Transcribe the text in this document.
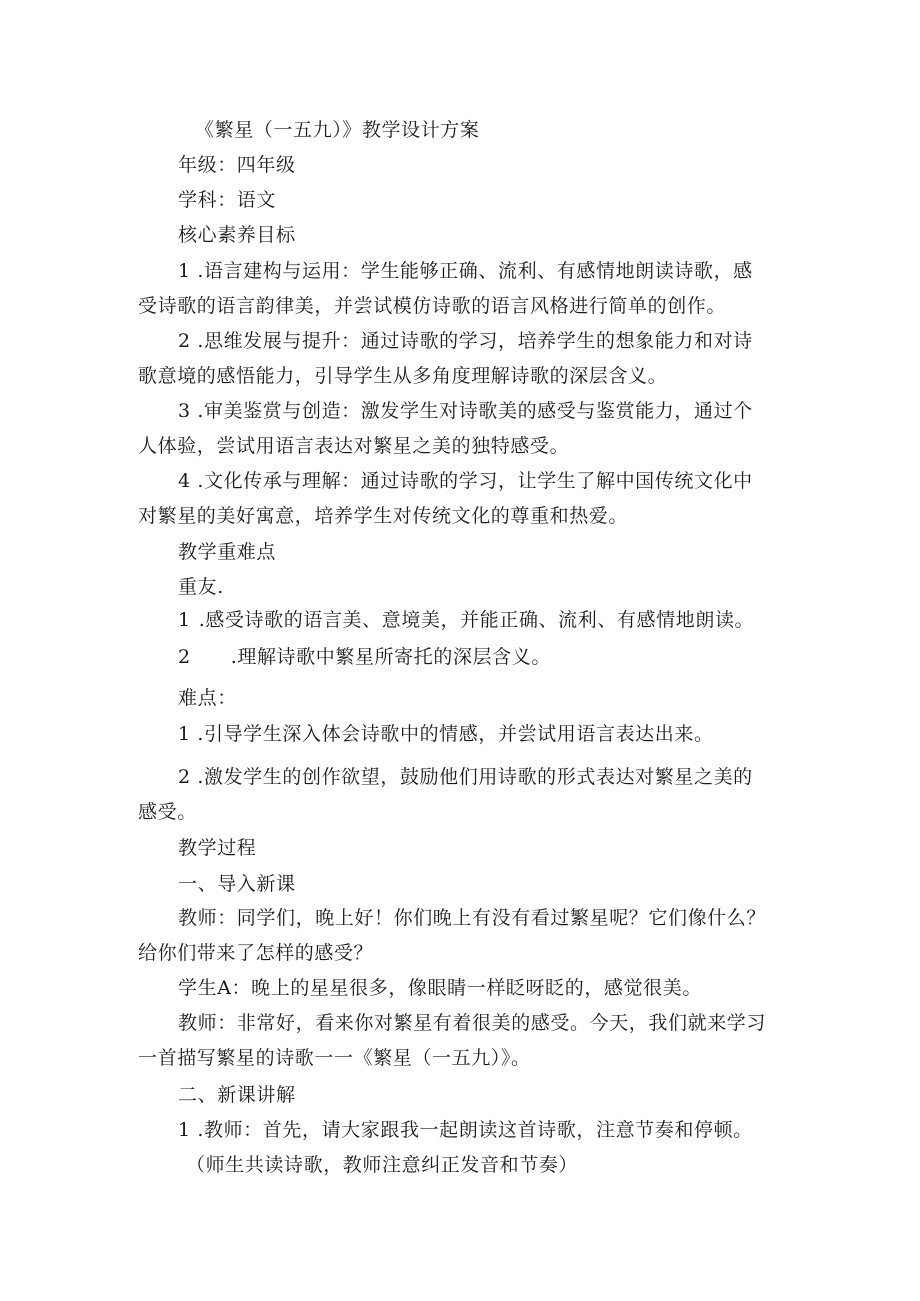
《繁星（一五九）》教学设计方案
年级：四年级
学科：语文
核心素养目标
1 .语言建构与运用：学生能够正确、流利、有感情地朗读诗歌，感
受诗歌的语言韵律美，并尝试模仿诗歌的语言风格进行简单的创作。
2 .思维发展与提升：通过诗歌的学习，培养学生的想象能力和对诗
歌意境的感悟能力，引导学生从多角度理解诗歌的深层含义。
3 .审美鉴赏与创造：激发学生对诗歌美的感受与鉴赏能力，通过个
人体验，尝试用语言表达对繁星之美的独特感受。
4 .文化传承与理解：通过诗歌的学习，让学生了解中国传统文化中
对繁星的美好寓意，培养学生对传统文化的尊重和热爱。
教学重难点
重友.
1 .感受诗歌的语言美、意境美，并能正确、流利、有感情地朗读。
2 .理解诗歌中繁星所寄托的深层含义。
难点：
1 .引导学生深入体会诗歌中的情感，并尝试用语言表达出来。
2 .激发学生的创作欲望，鼓励他们用诗歌的形式表达对繁星之美的
感受。
教学过程
一、导入新课
教师：同学们，晚上好！你们晚上有没有看过繁星呢？它们像什么？
给你们带来了怎样的感受？
学生A：晚上的星星很多，像眼睛一样眨呀眨的，感觉很美。
教师：非常好，看来你对繁星有着很美的感受。今天，我们就来学习
一首描写繁星的诗歌一一《繁星（一五九）》。
二、新课讲解
1 .教师：首先，请大家跟我一起朗读这首诗歌，注意节奏和停顿。
（师生共读诗歌，教师注意纠正发音和节奏）
